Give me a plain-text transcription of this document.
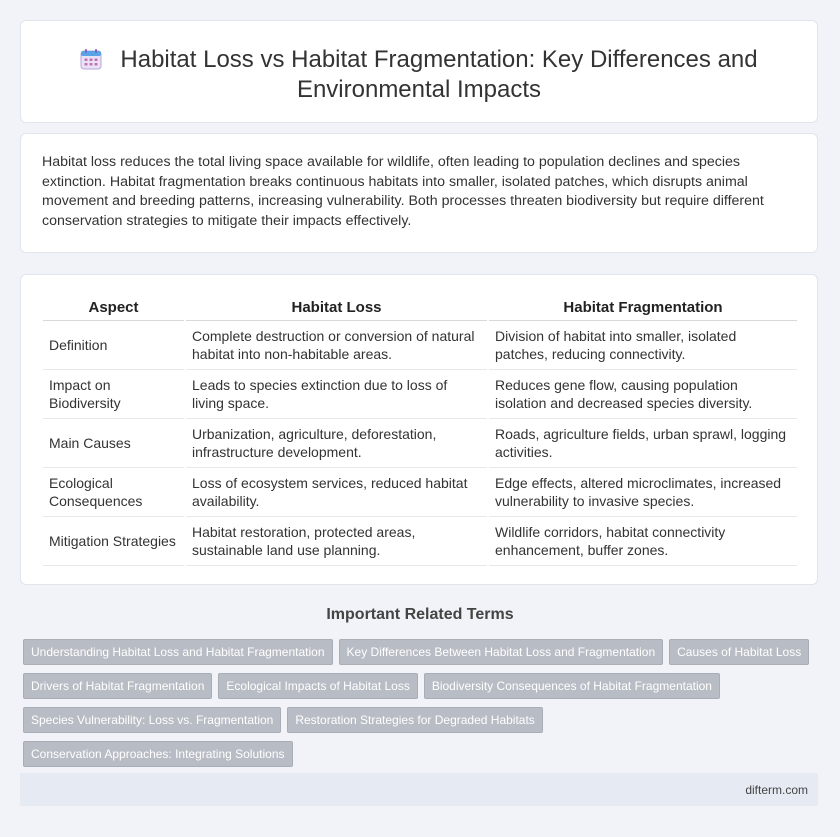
Habitat Loss vs Habitat Fragmentation: Key Differences and Environmental Impacts

Habitat loss reduces the total living space available for wildlife, often leading to population declines and species extinction. Habitat fragmentation breaks continuous habitats into smaller, isolated patches, which disrupts animal movement and breeding patterns, increasing vulnerability. Both processes threaten biodiversity but require different conservation strategies to mitigate their impacts effectively.

Aspect	Habitat Loss	Habitat Fragmentation
Definition	Complete destruction or conversion of natural habitat into non-habitable areas.	Division of habitat into smaller, isolated patches, reducing connectivity.
Impact on Biodiversity	Leads to species extinction due to loss of living space.	Reduces gene flow, causing population isolation and decreased species diversity.
Main Causes	Urbanization, agriculture, deforestation, infrastructure development.	Roads, agriculture fields, urban sprawl, logging activities.
Ecological Consequences	Loss of ecosystem services, reduced habitat availability.	Edge effects, altered microclimates, increased vulnerability to invasive species.
Mitigation Strategies	Habitat restoration, protected areas, sustainable land use planning.	Wildlife corridors, habitat connectivity enhancement, buffer zones.
Important Related Terms
Understanding Habitat Loss and Habitat Fragmentation Key Differences Between Habitat Loss and Fragmentation Causes of Habitat Loss
Drivers of Habitat Fragmentation Ecological Impacts of Habitat Loss Biodiversity Consequences of Habitat Fragmentation
Species Vulnerability: Loss vs. Fragmentation Restoration Strategies for Degraded HabitatsConservation Approaches: Integrating Solutions

difterm.com
